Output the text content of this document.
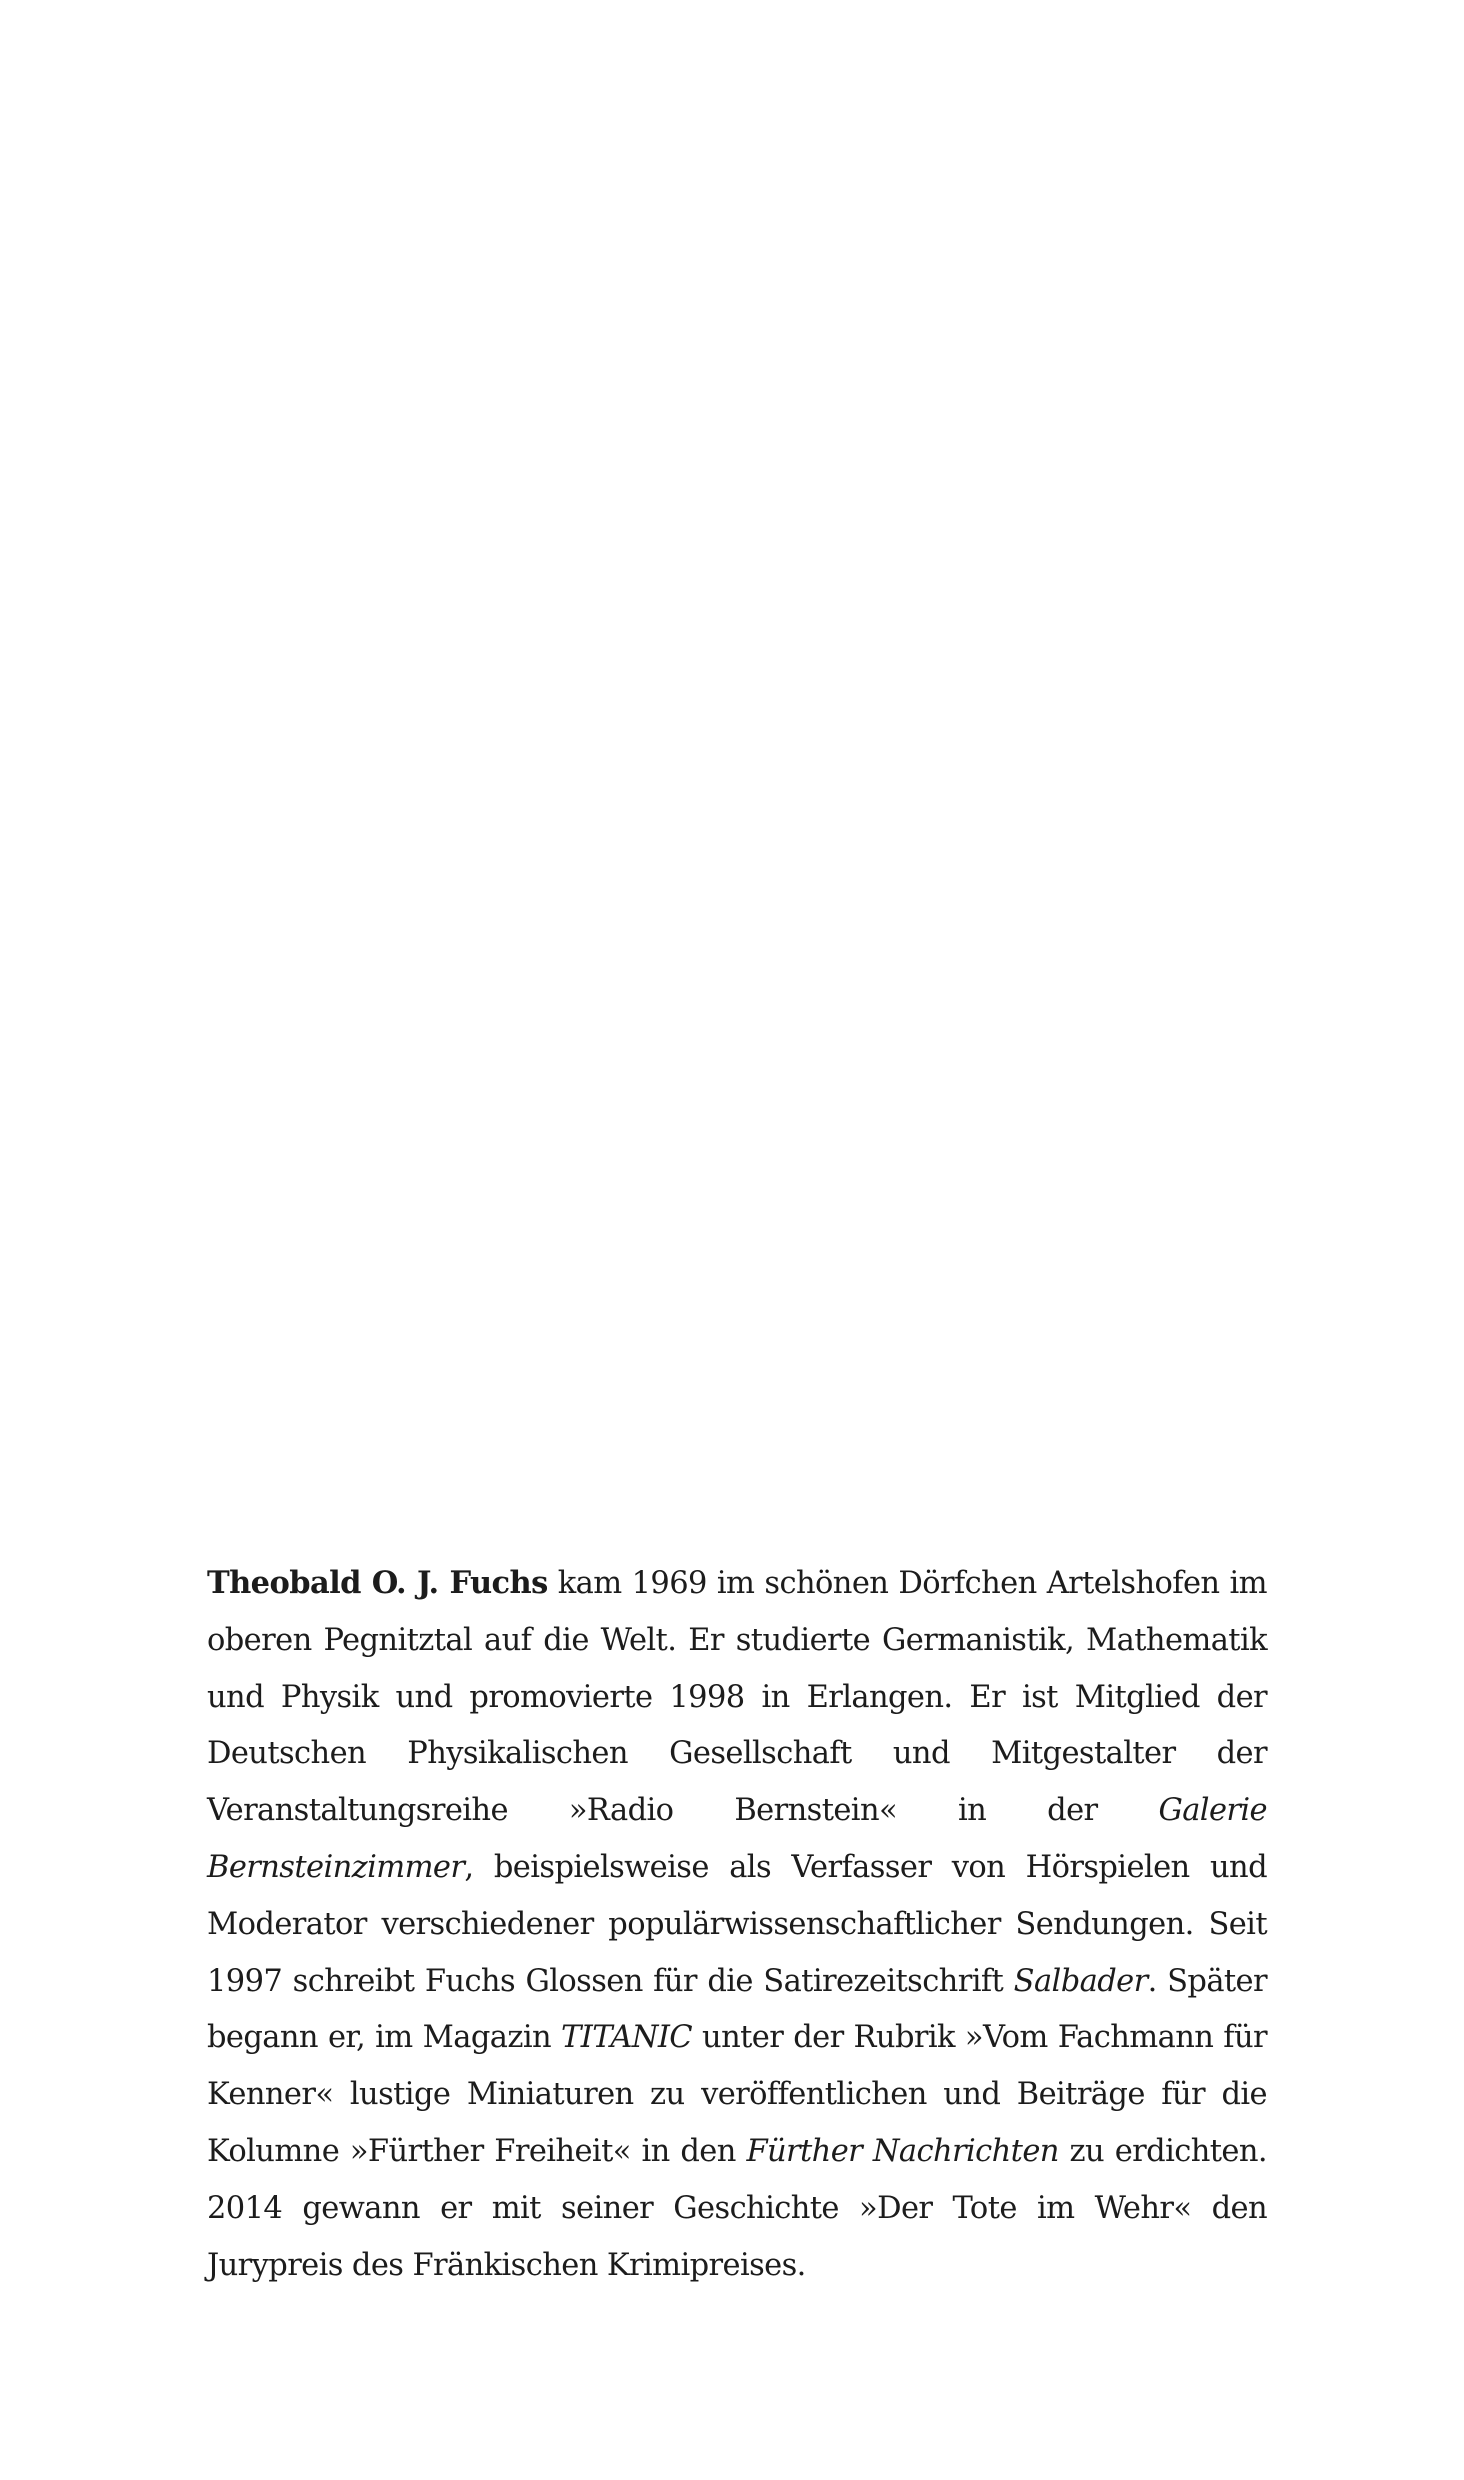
Theobald O. J. Fuchs kam 1969 im schönen Dörfchen Artelshofen im oberen Pegnitztal auf die Welt. Er studierte Germanistik, Mathematik und Physik und promovierte 1998 in Erlangen. Er ist Mitglied der Deutschen Physikalischen Gesellschaft und Mitgestalter der Veranstaltungsreihe »Radio Bernstein« in der Galerie Bernsteinzimmer, beispielsweise als Verfasser von Hörspielen und Moderator verschiedener populärwissenschaftlicher Sendungen. Seit 1997 schreibt Fuchs Glossen für die Satirezeitschrift Salbader. Später begann er, im Magazin TITANIC unter der Rubrik »Vom Fachmann für Kenner« lustige Miniaturen zu veröffentlichen und Beiträge für die Kolumne »Fürther Freiheit« in den Fürther Nachrichten zu erdichten. 2014 gewann er mit seiner Geschichte »Der Tote im Wehr« den Jurypreis des Fränkischen Krimipreises.
